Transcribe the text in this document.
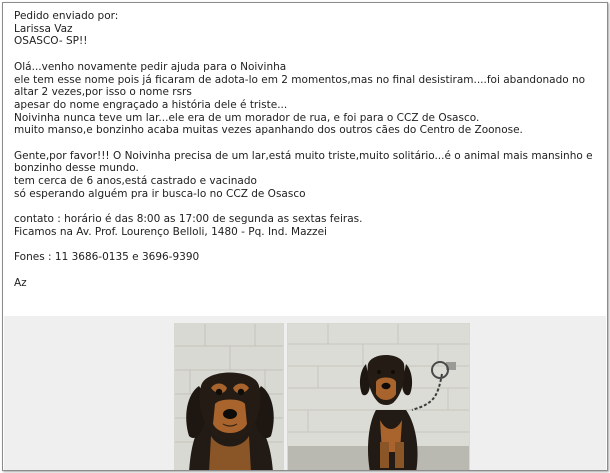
Pedido enviado por:

Larissa Vaz

OSASCO- SP!!

Olá...venho novamente pedir ajuda para o Noivinha

ele tem esse nome pois já ficaram de adota-lo em 2 momentos,mas no final desistiram....foi abandonado no altar 2 vezes,por isso o nome rsrs

apesar do nome engraçado a história dele é triste...

Noivinha nunca teve um lar...ele era de um morador de rua, e foi para o CCZ de Osasco.

muito manso,e bonzinho acaba muitas vezes apanhando dos outros cães do Centro de Zoonose.

Gente,por favor!!! O Noivinha precisa de um lar,está muito triste,muito solitário...é o animal mais mansinho e bonzinho desse mundo.

tem cerca de 6 anos,está castrado e vacinado

só esperando alguém pra ir busca-lo no CCZ de Osasco

contato : horário é das 8:00 as 17:00 de segunda as sextas feiras.

Ficamos na Av. Prof. Lourenço Belloli, 1480 - Pq. Ind. Mazzei

Fones : 11 3686-0135 e 3696-9390

Az
